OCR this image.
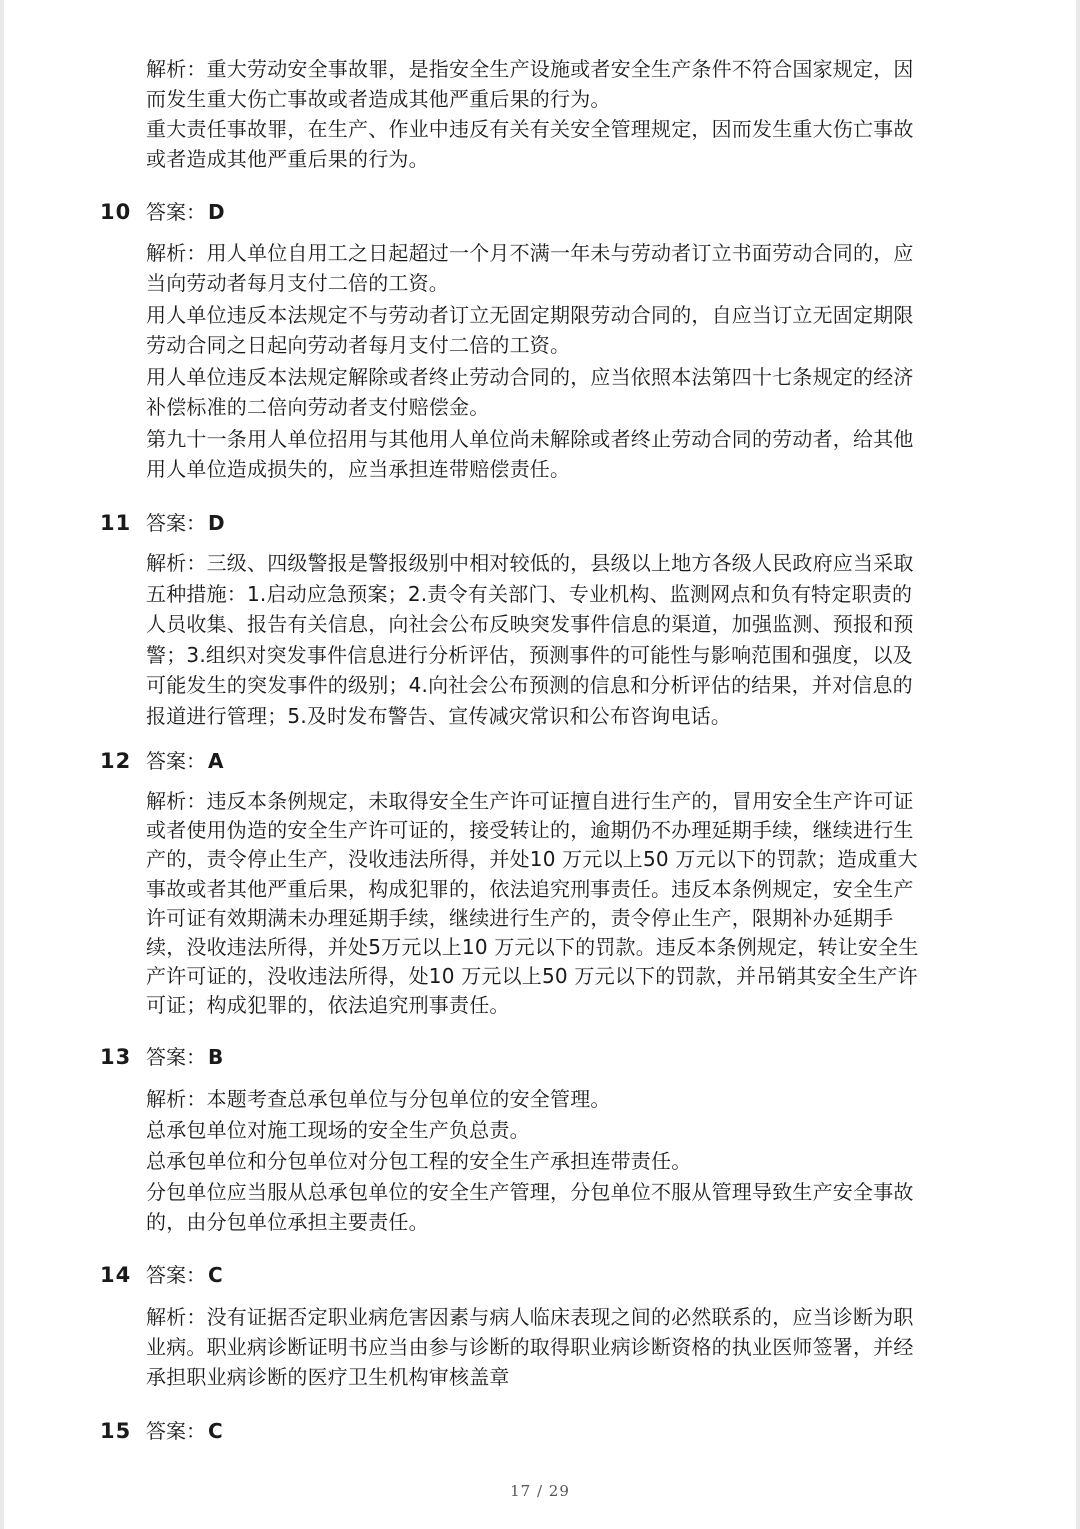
解析：重大劳动安全事故罪，是指安全生产设施或者安全生产条件不符合国家规定，因
而发生重大伤亡事故或者造成其他严重后果的行为。
重大责任事故罪，在生产、作业中违反有关有关安全管理规定，因而发生重大伤亡事故
或者造成其他严重后果的行为。
10 答案： D
解析：用人单位自用工之日起超过一个月不满一年未与劳动者订立书面劳动合同的，应
当向劳动者每月支付二倍的工资。
用人单位违反本法规定不与劳动者订立无固定期限劳动合同的，自应当订立无固定期限
劳动合同之日起向劳动者每月支付二倍的工资。
用人单位违反本法规定解除或者终止劳动合同的，应当依照本法第四十七条规定的经济
补偿标准的二倍向劳动者支付赔偿金。
第九十一条用人单位招用与其他用人单位尚未解除或者终止劳动合同的劳动者，给其他
用人单位造成损失的，应当承担连带赔偿责任。
11 答案： D
解析：三级、四级警报是警报级别中相对较低的，县级以上地方各级人民政府应当采取
五种措施：1.启动应急预案；2.责令有关部门、专业机构、监测网点和负有特定职责的
人员收集、报告有关信息，向社会公布反映突发事件信息的渠道，加强监测、预报和预
警；3.组织对突发事件信息进行分析评估，预测事件的可能性与影响范围和强度，以及
可能发生的突发事件的级别；4.向社会公布预测的信息和分析评估的结果，并对信息的
报道进行管理；5.及时发布警告、宣传减灾常识和公布咨询电话。
12 答案： A
解析：违反本条例规定，未取得安全生产许可证擅自进行生产的，冒用安全生产许可证
或者使用伪造的安全生产许可证的，接受转让的，逾期仍不办理延期手续，继续进行生
产的，责令停止生产，没收违法所得，并处10 万元以上50 万元以下的罚款；造成重大
事故或者其他严重后果，构成犯罪的，依法追究刑事责任。违反本条例规定，安全生产
许可证有效期满未办理延期手续，继续进行生产的，责令停止生产，限期补办延期手
续，没收违法所得，并处5万元以上10 万元以下的罚款。违反本条例规定，转让安全生
产许可证的，没收违法所得，处10 万元以上50 万元以下的罚款，并吊销其安全生产许
可证；构成犯罪的，依法追究刑事责任。
13 答案： B
解析：本题考查总承包单位与分包单位的安全管理。
总承包单位对施工现场的安全生产负总责。
总承包单位和分包单位对分包工程的安全生产承担连带责任。
分包单位应当服从总承包单位的安全生产管理，分包单位不服从管理导致生产安全事故
的，由分包单位承担主要责任。
14 答案： C
解析：没有证据否定职业病危害因素与病人临床表现之间的必然联系的，应当诊断为职
业病。职业病诊断证明书应当由参与诊断的取得职业病诊断资格的执业医师签署，并经
承担职业病诊断的医疗卫生机构审核盖章
15 答案： C
17 / 29
